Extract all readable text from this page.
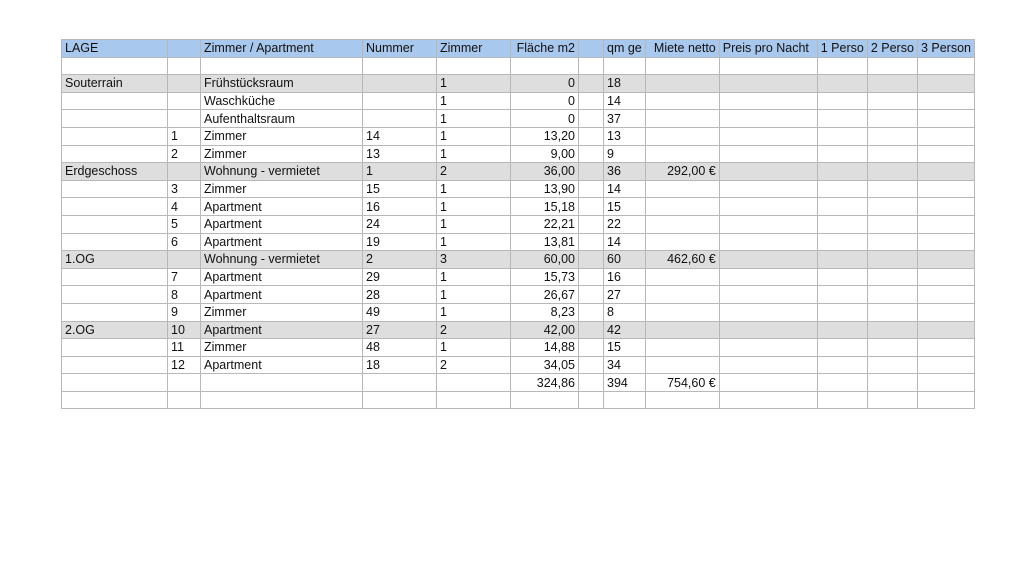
LAGE		Zimmer / Apartment	Nummer	Zimmer	Fläche m2		qm ge	Miete netto	Preis pro Nacht	1 Perso	2 Perso	3 Person

Souterrain		Frühstücksraum		1	0		18					
		Waschküche		1	0		14					
		Aufenthaltsraum		1	0		37					
	1	Zimmer	14	1	13,20		13					
	2	Zimmer	13	1	9,00		9					
Erdgeschoss		Wohnung - vermietet	1	2	36,00		36	292,00 €				
	3	Zimmer	15	1	13,90		14					
	4	Apartment	16	1	15,18		15					
	5	Apartment	24	1	22,21		22					
	6	Apartment	19	1	13,81		14					
1.OG		Wohnung - vermietet	2	3	60,00		60	462,60 €				
	7	Apartment	29	1	15,73		16					
	8	Apartment	28	1	26,67		27					
	9	Zimmer	49	1	8,23		8					
2.OG	10	Apartment	27	2	42,00		42					
	11	Zimmer	48	1	14,88		15					
	12	Apartment	18	2	34,05		34					
					324,86		394	754,60 €				
